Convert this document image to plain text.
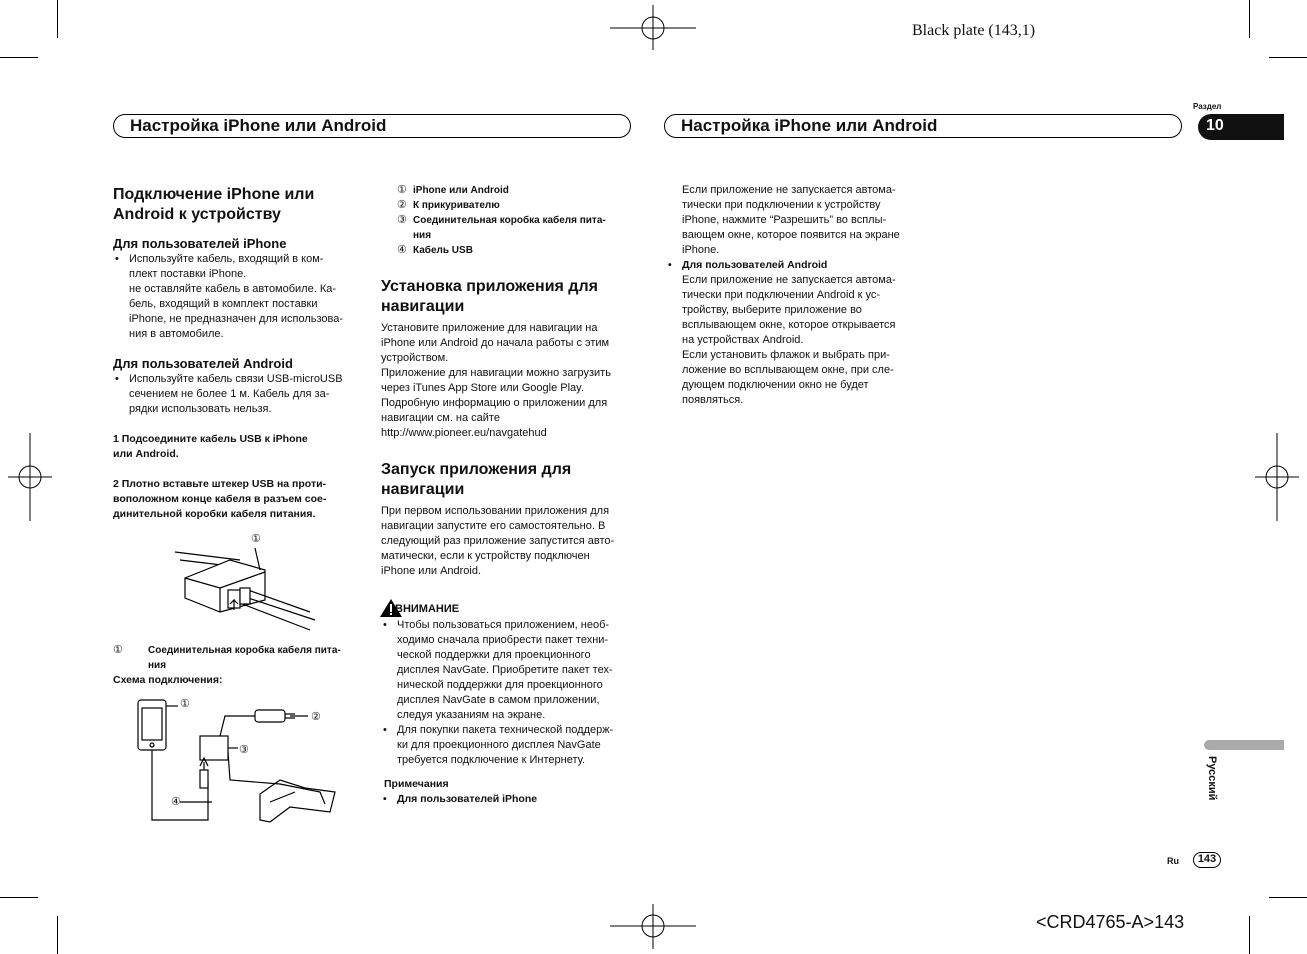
Black plate (143,1)
<CRD4765-A>143
Настройка iPhone или Android	Настройка iPhone или Android
Раздел
10
Русский
Ru	143
Подключение iPhone или Android к устройству
Для пользователей iPhone
• Используйте кабель, входящий в ком-
плект поставки iPhone.
не оставляйте кабель в автомобиле. Ка-
бель, входящий в комплект поставки
iPhone, не предназначен для использова-
ния в автомобиле.
Для пользователей Android
• Используйте кабель связи USB-microUSB
сечением не более 1 м. Кабель для за-
рядки использовать нельзя.
1 Подсоедините кабель USB к iPhone
или Android.
2 Плотно вставьте штекер USB на проти-
воположном конце кабеля в разъем сое-
динительной коробки кабеля питания.
①
①	Соединительная коробка кабеля пита-
ния
Схема подключения:
①
②
③
④
① iPhone или Android
② К прикуривателю
③ Соединительная коробка кабеля пита-
ния
④ Кабель USB
Установка приложения для
навигации
Установите приложение для навигации на
iPhone или Android до начала работы с этим
устройством.
Приложение для навигации можно загрузить
через iTunes App Store или Google Play.
Подробную информацию о приложении для
навигации см. на сайте
http://www.pioneer.eu/navgatehud
Запуск приложения для
навигации
При первом использовании приложения для
навигации запустите его самостоятельно. В
следующий раз приложение запустится авто-
матически, если к устройству подключен
iPhone или Android.
ВНИМАНИЕ
• Чтобы пользоваться приложением, необ-
ходимо сначала приобрести пакет техни-
ческой поддержки для проекционного
дисплея NavGate. Приобретите пакет тех-
нической поддержки для проекционного
дисплея NavGate в самом приложении,
следуя указаниям на экране.
• Для покупки пакета технической поддерж-
ки для проекционного дисплея NavGate
требуется подключение к Интернету.
Примечания
• Для пользователей iPhone
Если приложение не запускается автома-
тически при подключении к устройству
iPhone, нажмите “Разрешить” во всплы-
вающем окне, которое появится на экране
iPhone.
• Для пользователей Android
Если приложение не запускается автома-
тически при подключении Android к ус-
тройству, выберите приложение во
всплывающем окне, которое открывается
на устройствах Android.
Если установить флажок и выбрать при-
ложение во всплывающем окне, при сле-
дующем подключении окно не будет
появляться.
